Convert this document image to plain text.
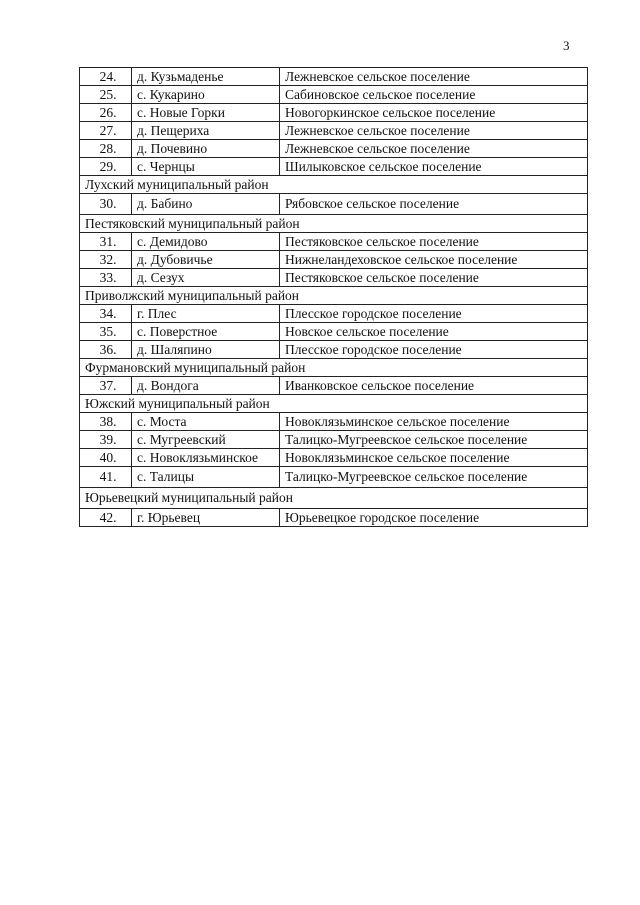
3
24.	д. Кузьмаденье	Лежневское сельское поселение
25.	с. Кукарино	Сабиновское сельское поселение
26.	с. Новые Горки	Новогоркинское сельское поселение
27.	д. Пещериха	Лежневское сельское поселение
28.	д. Почевино	Лежневское сельское поселение
29.	с. Чернцы	Шилыковское сельское поселение
Лухский муниципальный район		
30.	д. Бабино	Рябовское сельское поселение
Пестяковский муниципальный район		
31.	с. Демидово	Пестяковское сельское поселение
32.	д. Дубовичье	Нижнеландеховское сельское поселение
33.	д. Сезух	Пестяковское сельское поселение
Приволжский муниципальный район		
34.	г. Плес	Плесское городское поселение
35.	с. Поверстное	Новское сельское поселение
36.	д. Шаляпино	Плесское городское поселение
Фурмановский муниципальный район		
37.	д. Вондога	Иванковское сельское поселение
Южский муниципальный район		
38.	с. Моста	Новоклязьминское сельское поселение
39.	с. Мугреевский	Талицко-Мугреевское сельское поселение
40.	с. Новоклязьминское	Новоклязьминское сельское поселение
41.	с. Талицы	Талицко-Мугреевское сельское поселение
Юрьевецкий муниципальный район		
42.	г. Юрьевец	Юрьевецкое городское поселение
